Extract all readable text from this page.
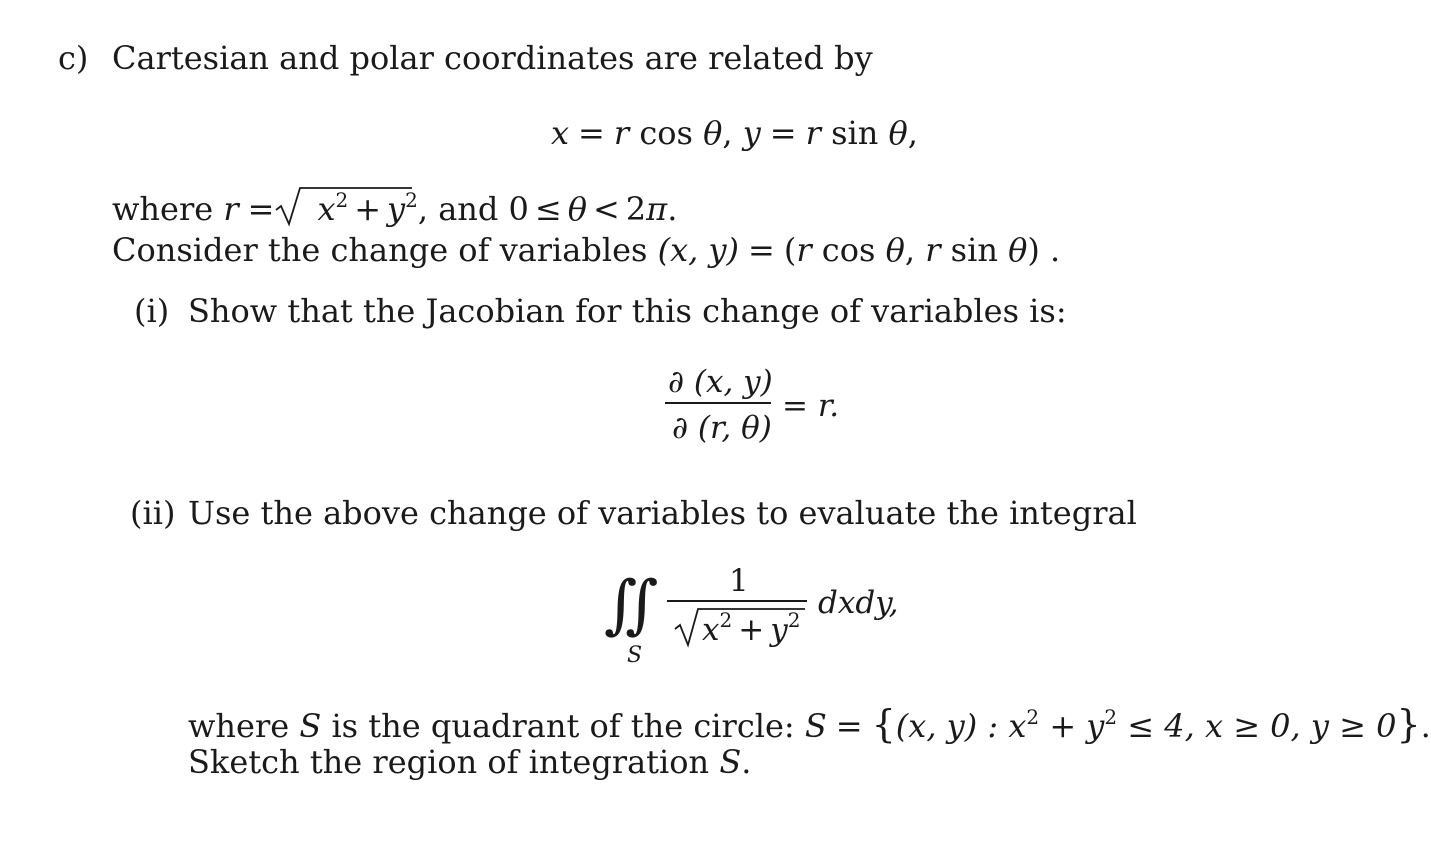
c) Cartesian and polar coordinates are related by
x = r cos θ, y = r sin θ,
where $r = x^2 + y^2$, and 0 ≤ θ < 2π.
Consider the change of variables (x, y) = (r cos θ, r sin θ) .
(i) Show that the Jacobian for this change of variables is:
∂ (x, y)
∂ (r, θ)
= r.
(ii) Use the above change of variables to evaluate the integral
∬
S
1
$x^2 + y^2$ dxdy,
where S is the quadrant of the circle: S = {(x, y) : $x^2 + y^2 \le 4$, x ≥ 0, y ≥ 0}.
Sketch the region of integration S.
